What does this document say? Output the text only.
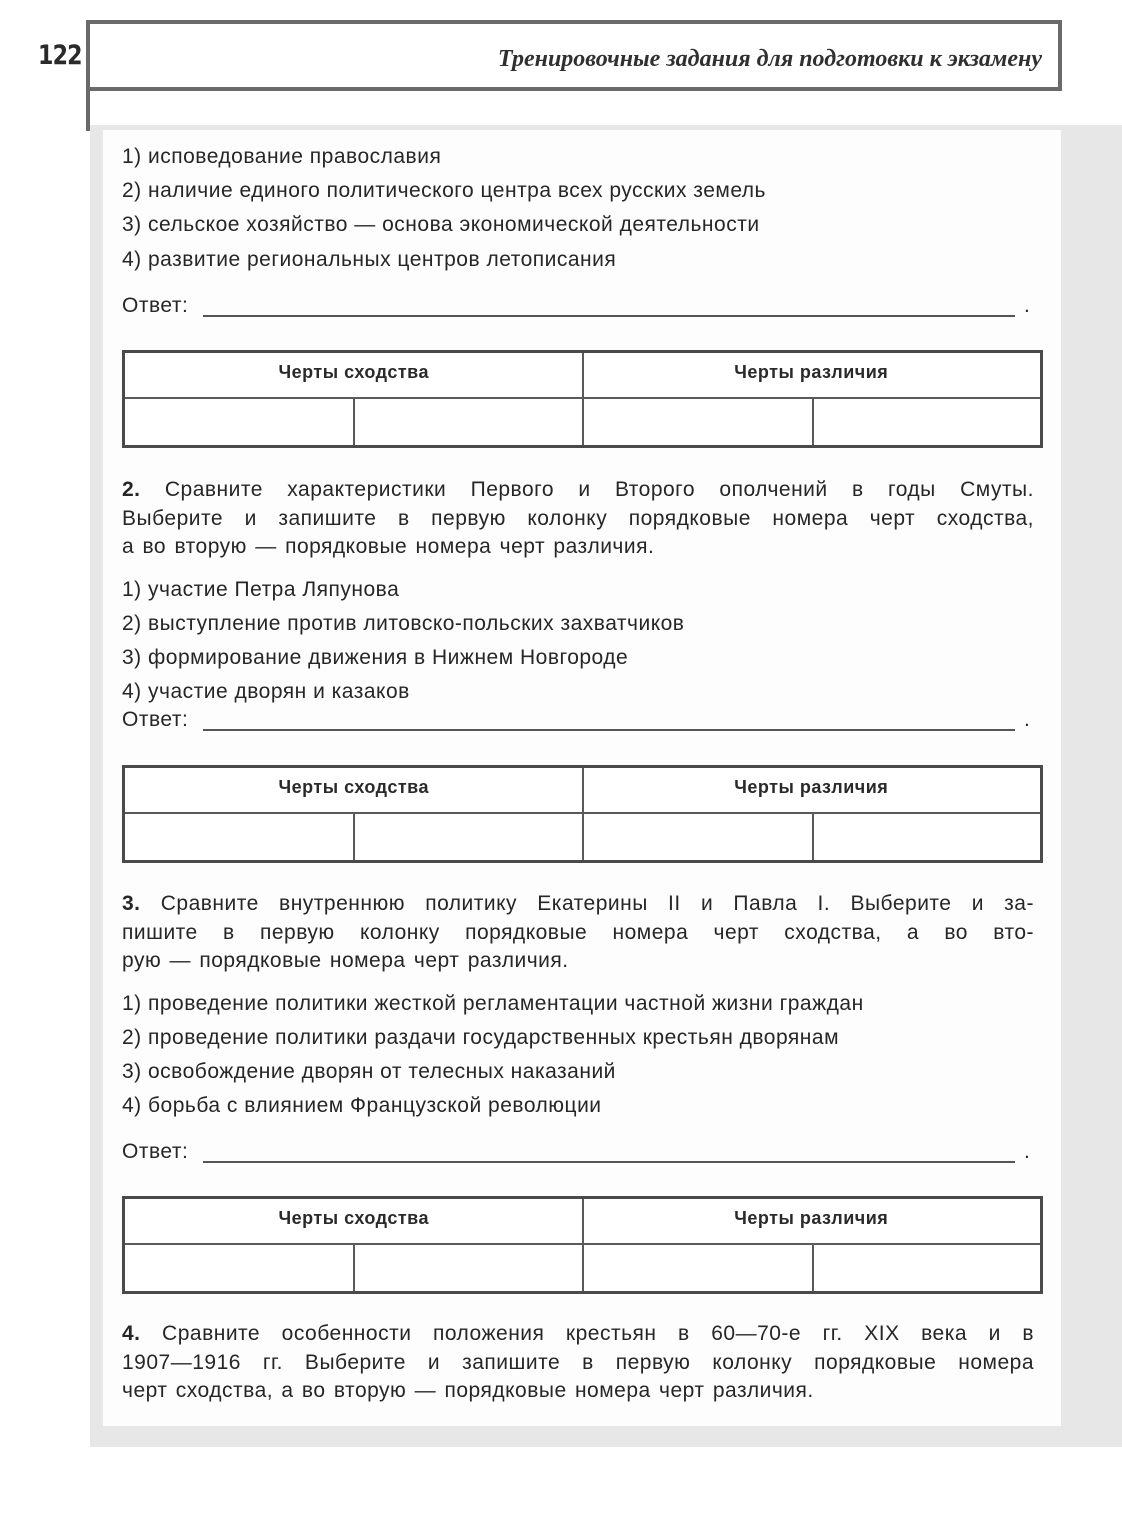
122	Тренировочные задания для подготовки к экзамену
1) исповедование православия
2) наличие единого политического центра всех русских земель
3) сельское хозяйство — основа экономической деятельности
4) развитие региональных центров летописания
Ответ:	.
Черты сходства	Черты различия
2. Сравните характеристики Первого и Второго ополчений в годы Смуты.
Выберите и запишите в первую колонку порядковые номера черт сходства,
а во вторую — порядковые номера черт различия.
1) участие Петра Ляпунова
2) выступление против литовско-польских захватчиков
3) формирование движения в Нижнем Новгороде
4) участие дворян и казаков
Ответ:	.
Черты сходства	Черты различия
3. Сравните внутреннюю политику Екатерины II и Павла I. Выберите и за-
пишите в первую колонку порядковые номера черт сходства, а во вто-
рую — порядковые номера черт различия.
1) проведение политики жесткой регламентации частной жизни граждан
2) проведение политики раздачи государственных крестьян дворянам
3) освобождение дворян от телесных наказаний
4) борьба с влиянием Французской революции
Ответ:	.
Черты сходства	Черты различия
4. Сравните особенности положения крестьян в 60—70-е гг. XIX века и в
1907—1916 гг. Выберите и запишите в первую колонку порядковые номера
черт сходства, а во вторую — порядковые номера черт различия.
